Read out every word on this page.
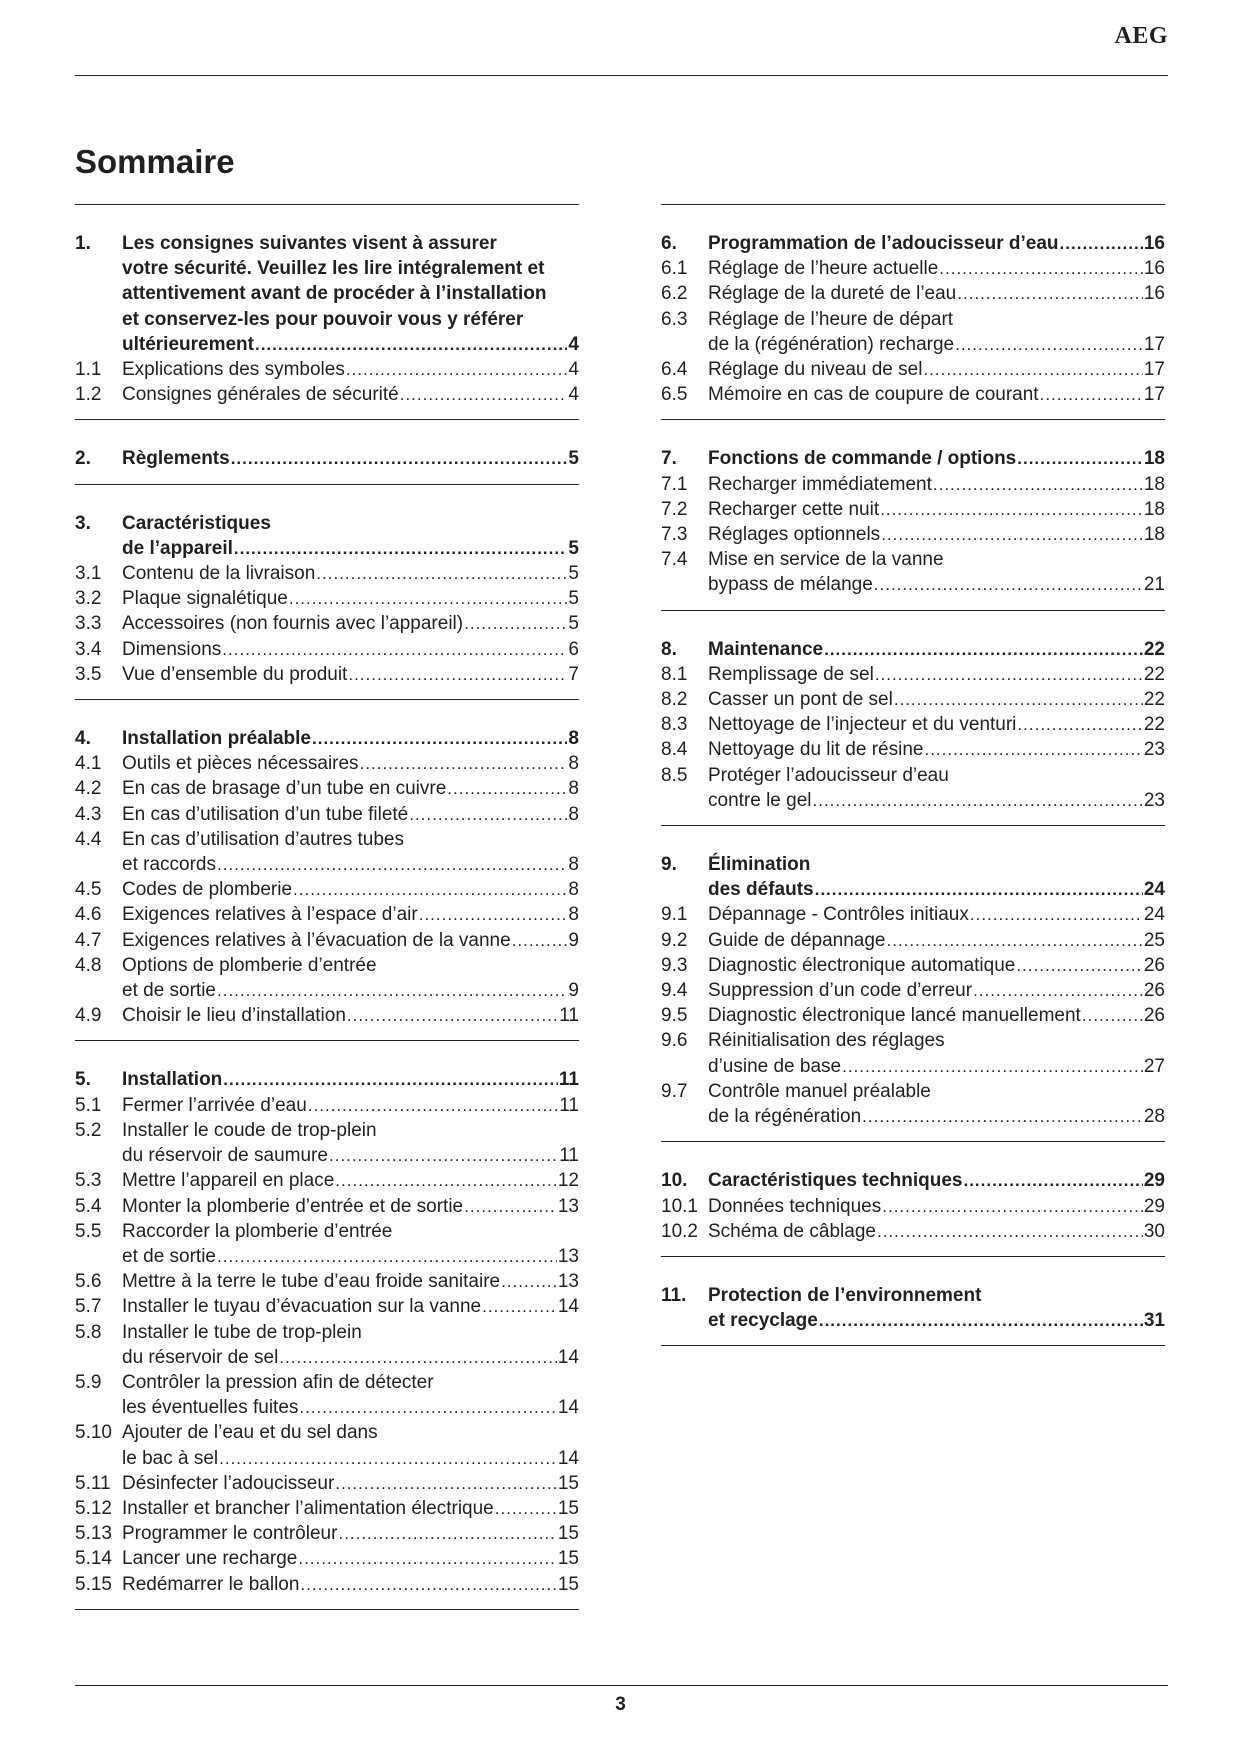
AEG
Sommaire
1.	Les consignes suivantes visent à assurer
votre sécurité. Veuillez les lire intégralement et
attentivement avant de procéder à l’installation
et conservez-les pour pouvoir vous y référer
ultérieurement .....	4
1.1	Explications des symboles .....	4
1.2	Consignes générales de sécurité .....	4
2.	Règlements .....	5
3.	Caractéristiques
de l’appareil .....	5
3.1	Contenu de la livraison .....	5
3.2	Plaque signalétique .....	5
3.3	Accessoires (non fournis avec l’appareil) .....	5
3.4	Dimensions .....	6
3.5	Vue d’ensemble du produit .....	7
4.	Installation préalable .....	8
4.1	Outils et pièces nécessaires .....	8
4.2	En cas de brasage d’un tube en cuivre .....	8
4.3	En cas d’utilisation d’un tube fileté .....	8
4.4	En cas d’utilisation d’autres tubes
et raccords .....	8
4.5	Codes de plomberie .....	8
4.6	Exigences relatives à l’espace d’air .....	8
4.7	Exigences relatives à l’évacuation de la vanne .....	9
4.8	Options de plomberie d’entrée
et de sortie .....	9
4.9	Choisir le lieu d’installation .....	11
5.	Installation .....	11
5.1	Fermer l’arrivée d’eau .....	11
5.2	Installer le coude de trop-plein
du réservoir de saumure .....	11
5.3	Mettre l’appareil en place .....	12
5.4	Monter la plomberie d’entrée et de sortie .....	13
5.5	Raccorder la plomberie d’entrée
et de sortie .....	13
5.6	Mettre à la terre le tube d’eau froide sanitaire .....	13
5.7	Installer le tuyau d’évacuation sur la vanne .....	14
5.8	Installer le tube de trop-plein
du réservoir de sel .....	14
5.9	Contrôler la pression afin de détecter
les éventuelles fuites .....	14
5.10 Ajouter de l’eau et du sel dans
le bac à sel .....	14
5.11 Désinfecter l’adoucisseur .....	15
5.12 Installer et brancher l’alimentation électrique .....	15
5.13 Programmer le contrôleur .....	15
5.14 Lancer une recharge .....	15
5.15 Redémarrer le ballon .....	15
6.	Programmation de l’adoucisseur d’eau .....	16
6.1	Réglage de l’heure actuelle .....	16
6.2	Réglage de la dureté de l’eau .....	16
6.3	Réglage de l’heure de départ
de la (régénération) recharge .....	17
6.4	Réglage du niveau de sel .....	17
6.5	Mémoire en cas de coupure de courant .....	17
7.	Fonctions de commande / options .....	18
7.1	Recharger immédiatement .....	18
7.2	Recharger cette nuit .....	18
7.3	Réglages optionnels .....	18
7.4	Mise en service de la vanne
bypass de mélange .....	21
8.	Maintenance .....	22
8.1	Remplissage de sel .....	22
8.2	Casser un pont de sel .....	22
8.3	Nettoyage de l’injecteur et du venturi .....	22
8.4	Nettoyage du lit de résine .....	23
8.5	Protéger l’adoucisseur d’eau
contre le gel .....	23
9.	Élimination
des défauts .....	24
9.1	Dépannage - Contrôles initiaux .....	24
9.2	Guide de dépannage .....	25
9.3	Diagnostic électronique automatique .....	26
9.4	Suppression d’un code d’erreur .....	26
9.5	Diagnostic électronique lancé manuellement .....	26
9.6	Réinitialisation des réglages
d’usine de base .....	27
9.7	Contrôle manuel préalable
de la régénération .....	28
10.	Caractéristiques techniques .....	29
10.1 Données techniques .....	29
10.2 Schéma de câblage .....	30
11.	Protection de l’environnement
et recyclage .....	31
3
